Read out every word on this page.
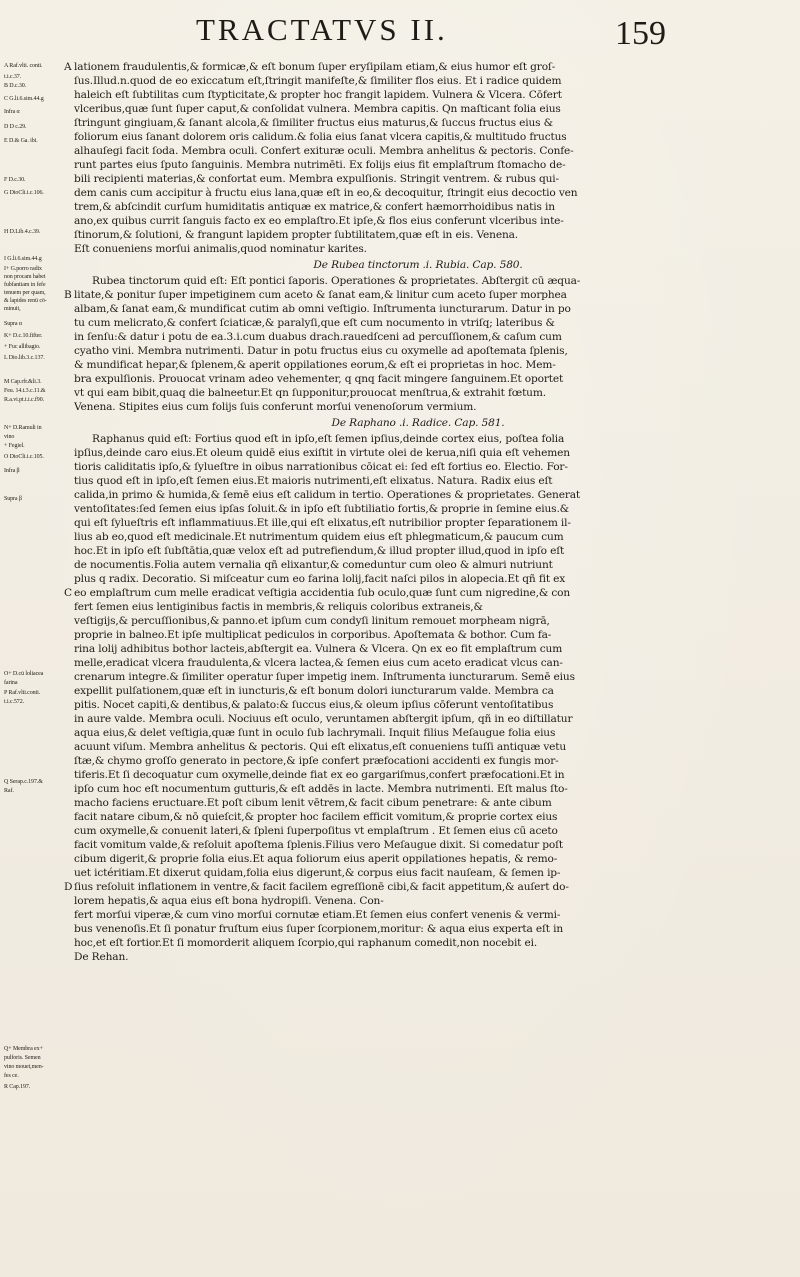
TRACTATVS II.	159
A Raf.vlti. conti.
t.i.c.37.
B D.c.30.
C G.li.6.sim.44.g
Infra α
D D c.29.
E D.& Ga. ibi.
F D.c.30.
G DioCli.i.c.106.
H D.Lib.4.c.39.
I G.li.6.sim.44.g
I+ G.porro radix
non procam habet
fubfantiam in fefe
tenuem per quam,
& lapides renü cō-
minuit,
Supra α
K+ D.c.10.fifter.
+ Fuc allibagio.
L Dio.lib.3.c.137.
M Cap.rfr.&li.3.
Feu. 14.t.3.c.11.&
R.a.vi.pt.t.i.c.f90.
N+ D.Ramuli in
vino
+ Fegiel.
O DioCli.i.c.105.
Infra β
Supra β
O+ D.cū loliacea
farina
P Raf.vlti.conti.
t.i.c.572.
Q Serap.c.197.&
Raf.
Q+ Membra ex+
pulforis. Semen
vino mouet,men-
fes ce.
R Cap.197.
lationem fraudulentis,& formicæ,& eſt bonum ſuper eryſipilam etiam,& eius humor eſt groſ-
ſus.Illud.n.quod de eo exiccatum eſt,ſtringit manifeſte,& ſimiliter flos eius. Et i radice quidem
haleich eſt ſubtilitas cum ſtypticitate,& propter hoc frangit lapidem. Vulnera & Vlcera. Cōfert
vlceribus,quæ ſunt ſuper caput,& conſolidat vulnera. Membra capitis. Qn maſticant folia eius
ſtringunt gingiuam,& ſanant alcola,& ſimiliter fructus eius maturus,& ſuccus fructus eius &
foliorum eius ſanant dolorem oris calidum.& folia eius ſanat vlcera capitis,& multitudo fructus
alhauſegi facit ſoda. Membra oculi. Confert exituræ oculi. Membra anhelitus & pectoris. Confe-
runt partes eius ſputo ſanguinis. Membra nutrimēti. Ex folijs eius fit emplaſtrum ſtomacho de-
bili recipienti materias,& confortat eum. Membra expulſionis. Stringit ventrem. & rubus qui-
dem canis cum accipitur à fructu eius lana,quæ eſt in eo,& decoquitur, ſtringit eius decoctio ven
trem,& abſcindit curſum humiditatis antiquæ ex matrice,& confert hæmorrhoidibus natis in
ano,ex quibus currit ſanguis facto ex eo emplaſtro.Et ipſe,& flos eius conferunt vlceribus inte-
ſtinorum,& ſolutioni, & frangunt lapidem propter ſubtilitatem,quæ eſt in eis. Venena.
Eſt conueniens morſui animalis,quod nominatur karites.
De Rubea tinctorum .i. Rubia. Cap. 580.
Rubea tinctorum quid eſt: Eſt pontici ſaporis. Operationes & proprietates. Abſtergit cū æqua-
litate,& ponitur ſuper impetiginem cum aceto & ſanat eam,& linitur cum aceto ſuper morphea
albam,& ſanat eam,& mundificat cutim ab omni veſtigio. Inſtrumenta iuncturarum. Datur in po
tu cum melicrato,& confert ſciaticæ,& paralyſi,que eſt cum nocumento in vtriſq; lateribus &
in ſenſu:& datur i potu de ea.3.i.cum duabus drach.rauedſceni ad percuſſionem,& caſum cum
cyatho vini. Membra nutrimenti. Datur in potu fructus eius cu oxymelle ad apoſtemata ſplenis,
& mundificat hepar,& ſplenem,& aperit oppilationes eorum,& eſt ei proprietas in hoc. Mem-
bra expulſionis. Prouocat vrinam adeo vehementer, q qnq facit mingere ſanguinem.Et oportet
vt qui eam bibit,quaq die balneetur.Et qn ſupponitur,prouocat menſtrua,& extrahit fœtum.
Venena. Stipites eius cum folijs ſuis conferunt morſui venenoſorum vermium.
De Raphano .i. Radice. Cap. 581.
Raphanus quid eſt: Fortius quod eſt in ipſo,eſt ſemen ipſius,deinde cortex eius, poſtea folia
ipſius,deinde caro eius.Et oleum quidē eius exiſtit in virtute olei de kerua,niſi quia eſt vehemen
tioris caliditatis ipſo,& ſylueſtre in oibus narrationibus cōicat ei: ſed eſt fortius eo. Electio. For-
tius quod eſt in ipſo,eſt ſemen eius.Et maioris nutrimenti,eſt elixatus. Natura. Radix eius eſt
calida,in primo & humida,& ſemē eius eſt calidum in tertio. Operationes & proprietates. Generat
ventoſitates:ſed ſemen eius ipſas ſoluit.& in ipſo eſt ſubtiliatio fortis,& proprie in ſemine eius.&
qui eſt ſylueſtris eſt inflammatiuus.Et ille,qui eſt elixatus,eſt nutribilior propter ſeparationem il-
lius ab eo,quod eſt medicinale.Et nutrimentum quidem eius eſt phlegmaticum,& paucum cum
hoc.Et in ipſo eſt ſubſtātia,quæ velox eſt ad putrefiendum,& illud propter illud,quod in ipſo eſt
de nocumentis.Folia autem vernalia qñ elixantur,& comeduntur cum oleo & almuri nutriunt
plus q radix. Decoratio. Si miſceatur cum eo farina lolij,facit naſci pilos in alopecia.Et qñ fit ex
eo emplaſtrum cum melle eradicat veſtigia accidentia ſub oculo,quæ ſunt cum nigredine,& con
fert ſemen eius lentiginibus factis in membris,& reliquis coloribus extraneis,&
veſtigijs,& percuſſionibus,& panno.et ipſum cum condyſi linitum remouet morpheam nigrā,
proprie in balneo.Et ipſe multiplicat pediculos in corporibus. Apoſtemata & bothor. Cum fa-
rina lolij adhibitus bothor lacteis,abſtergit ea. Vulnera & Vlcera. Qn ex eo fit emplaſtrum cum
melle,eradicat vlcera fraudulenta,& vlcera lactea,& ſemen eius cum aceto eradicat vlcus can-
crenarum integre.& ſimiliter operatur ſuper impetig inem. Inſtrumenta iuncturarum. Semē eius
expellit pulſationem,quæ eſt in iuncturis,& eſt bonum dolori iuncturarum valde. Membra ca
pitis. Nocet capiti,& dentibus,& palato:& ſuccus eius,& oleum ipſius cōferunt ventoſitatibus
in aure valde. Membra oculi. Nociuus eſt oculo, veruntamen abſtergit ipſum, qñ in eo diſtillatur
aqua eius,& delet veſtigia,quæ ſunt in oculo ſub lachrymali. Inquit filius Meſaugue folia eius
acuunt viſum. Membra anhelitus & pectoris. Qui eſt elixatus,eſt conueniens tuſſi antiquæ vetu
ſtæ,& chymo groſſo generato in pectore,& ipſe confert præfocationi accidenti ex fungis mor-
tiferis.Et ſi decoquatur cum oxymelle,deinde fiat ex eo gargariſmus,confert præfocationi.Et in
ipſo cum hoc eſt nocumentum gutturis,& eſt addēs in lacte. Membra nutrimenti. Eſt malus ſto-
macho faciens eructuare.Et poſt cibum lenit vētrem,& facit cibum penetrare: & ante cibum
facit natare cibum,& nō quieſcit,& propter hoc facilem efficit vomitum,& proprie cortex eius
cum oxymelle,& conuenit lateri,& ſpleni ſuperpoſitus vt emplaſtrum . Et ſemen eius cū aceto
facit vomitum valde,& reſoluit apoſtema ſplenis.Filius vero Meſaugue dixit. Si comedatur poſt
cibum digerit,& proprie folia eius.Et aqua foliorum eius aperit oppilationes hepatis, & remo-
uet ictéritiam.Et dixerut quidam,folia eius digerunt,& corpus eius facit nauſeam, & ſemen ip-
ſius reſoluit inflationem in ventre,& facit facilem egreſſionē cibi,& facit appetitum,& auſert do-
lorem hepatis,& aqua eius eſt bona hydropiſi. Venena. Con-
fert morſui viperæ,& cum vino morſui cornutæ etiam.Et ſemen eius confert venenis & vermi-
bus venenoſis.Et ſi ponatur fruſtum eius ſuper ſcorpionem,moritur: & aqua eius experta eſt in
hoc,et eſt fortior.Et ſi momorderit aliquem ſcorpio,qui raphanum comedit,non nocebit ei.
De Rehan.
A
B
C
D
